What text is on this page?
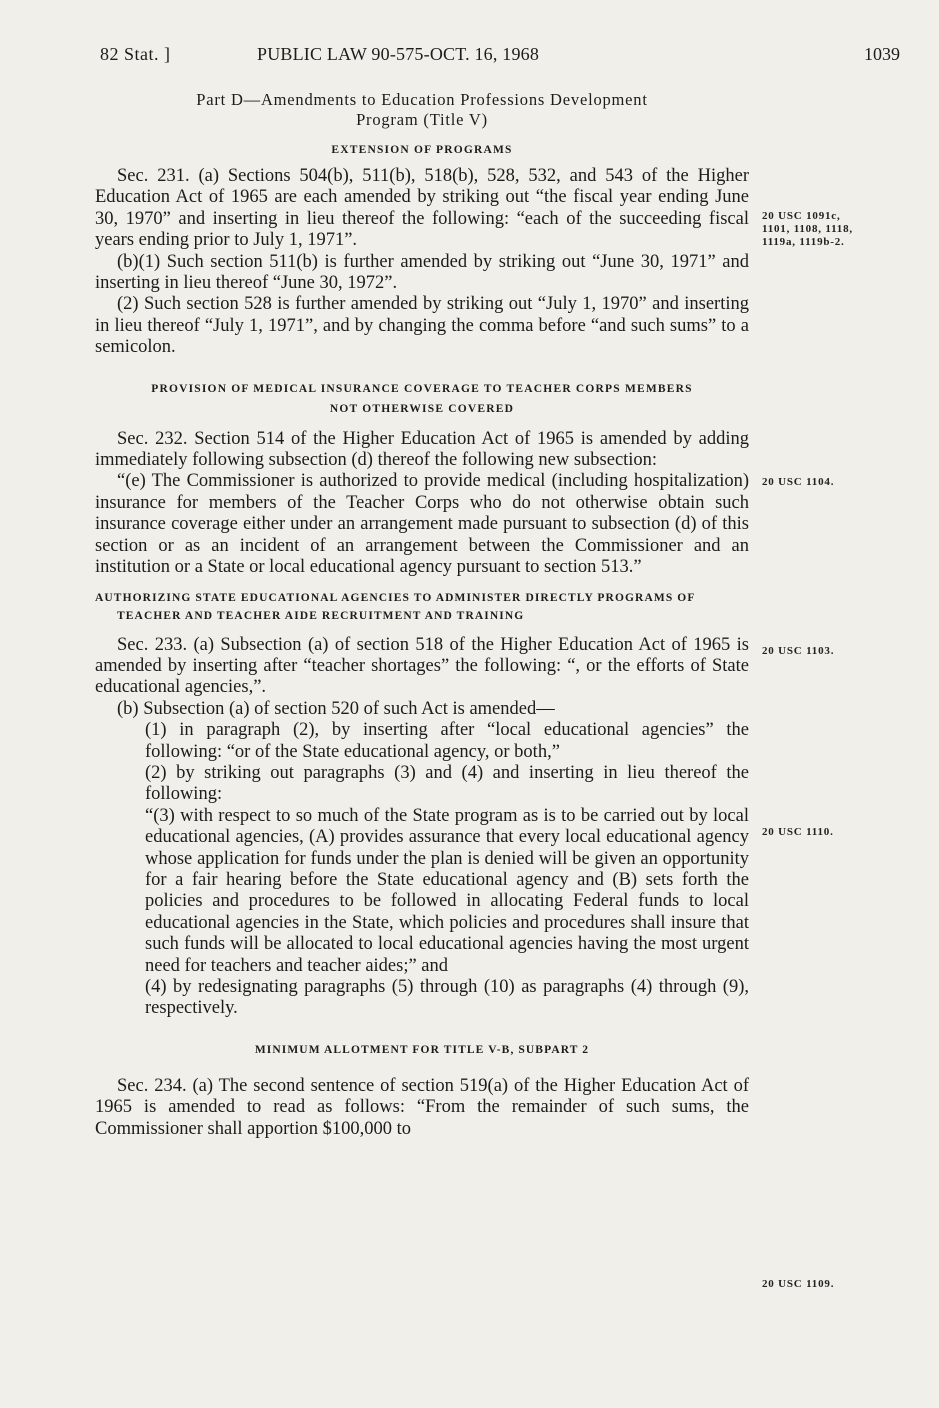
82 Stat. ]	PUBLIC LAW 90-575-OCT. 16, 1968	1039
Part D—Amendments to Education Professions Development
Program (Title V)
EXTENSION OF PROGRAMS

Sec. 231. (a) Sections 504(b), 511(b), 518(b), 528, 532, and 543 of the Higher Education Act of 1965 are each amended by striking out “the fiscal year ending June 30, 1970” and inserting in lieu thereof the following: “each of the succeeding fiscal years ending prior to July 1, 1971”.

(b)(1) Such section 511(b) is further amended by striking out “June 30, 1971” and inserting in lieu thereof “June 30, 1972”.

(2) Such section 528 is further amended by striking out “July 1, 1970” and inserting in lieu thereof “July 1, 1971”, and by changing the comma before “and such sums” to a semicolon.

PROVISION OF MEDICAL INSURANCE COVERAGE TO TEACHER CORPS MEMBERS
NOT OTHERWISE COVERED

Sec. 232. Section 514 of the Higher Education Act of 1965 is amended by adding immediately following subsection (d) thereof the following new subsection:

“(e) The Commissioner is authorized to provide medical (including hospitalization) insurance for members of the Teacher Corps who do not otherwise obtain such insurance coverage either under an arrangement made pursuant to subsection (d) of this section or as an incident of an arrangement between the Commissioner and an institution or a State or local educational agency pursuant to section 513.”

AUTHORIZING STATE EDUCATIONAL AGENCIES TO ADMINISTER DIRECTLY PROGRAMS OF TEACHER AND TEACHER AIDE RECRUITMENT AND TRAINING

Sec. 233. (a) Subsection (a) of section 518 of the Higher Education Act of 1965 is amended by inserting after “teacher shortages” the following: “, or the efforts of State educational agencies,”.

(b) Subsection (a) of section 520 of such Act is amended—

(1) in paragraph (2), by inserting after “local educational agencies” the following: “or of the State educational agency, or both,”

(2) by striking out paragraphs (3) and (4) and inserting in lieu thereof the following:

“(3) with respect to so much of the State program as is to be carried out by local educational agencies, (A) provides assurance that every local educational agency whose application for funds under the plan is denied will be given an opportunity for a fair hearing before the State educational agency and (B) sets forth the policies and procedures to be followed in allocating Federal funds to local educational agencies in the State, which policies and procedures shall insure that such funds will be allocated to local educational agencies having the most urgent need for teachers and teacher aides;” and

(4) by redesignating paragraphs (5) through (10) as paragraphs (4) through (9), respectively.

MINIMUM ALLOTMENT FOR TITLE V-B, SUBPART 2

Sec. 234. (a) The second sentence of section 519(a) of the Higher Education Act of 1965 is amended to read as follows: “From the remainder of such sums, the Commissioner shall apportion $100,000 to

20 USC 1091c, 1101, 1108, 1118, 1119a, 1119b-2.
20 USC 1104.
20 USC 1103.
20 USC 1110.
20 USC 1109.
